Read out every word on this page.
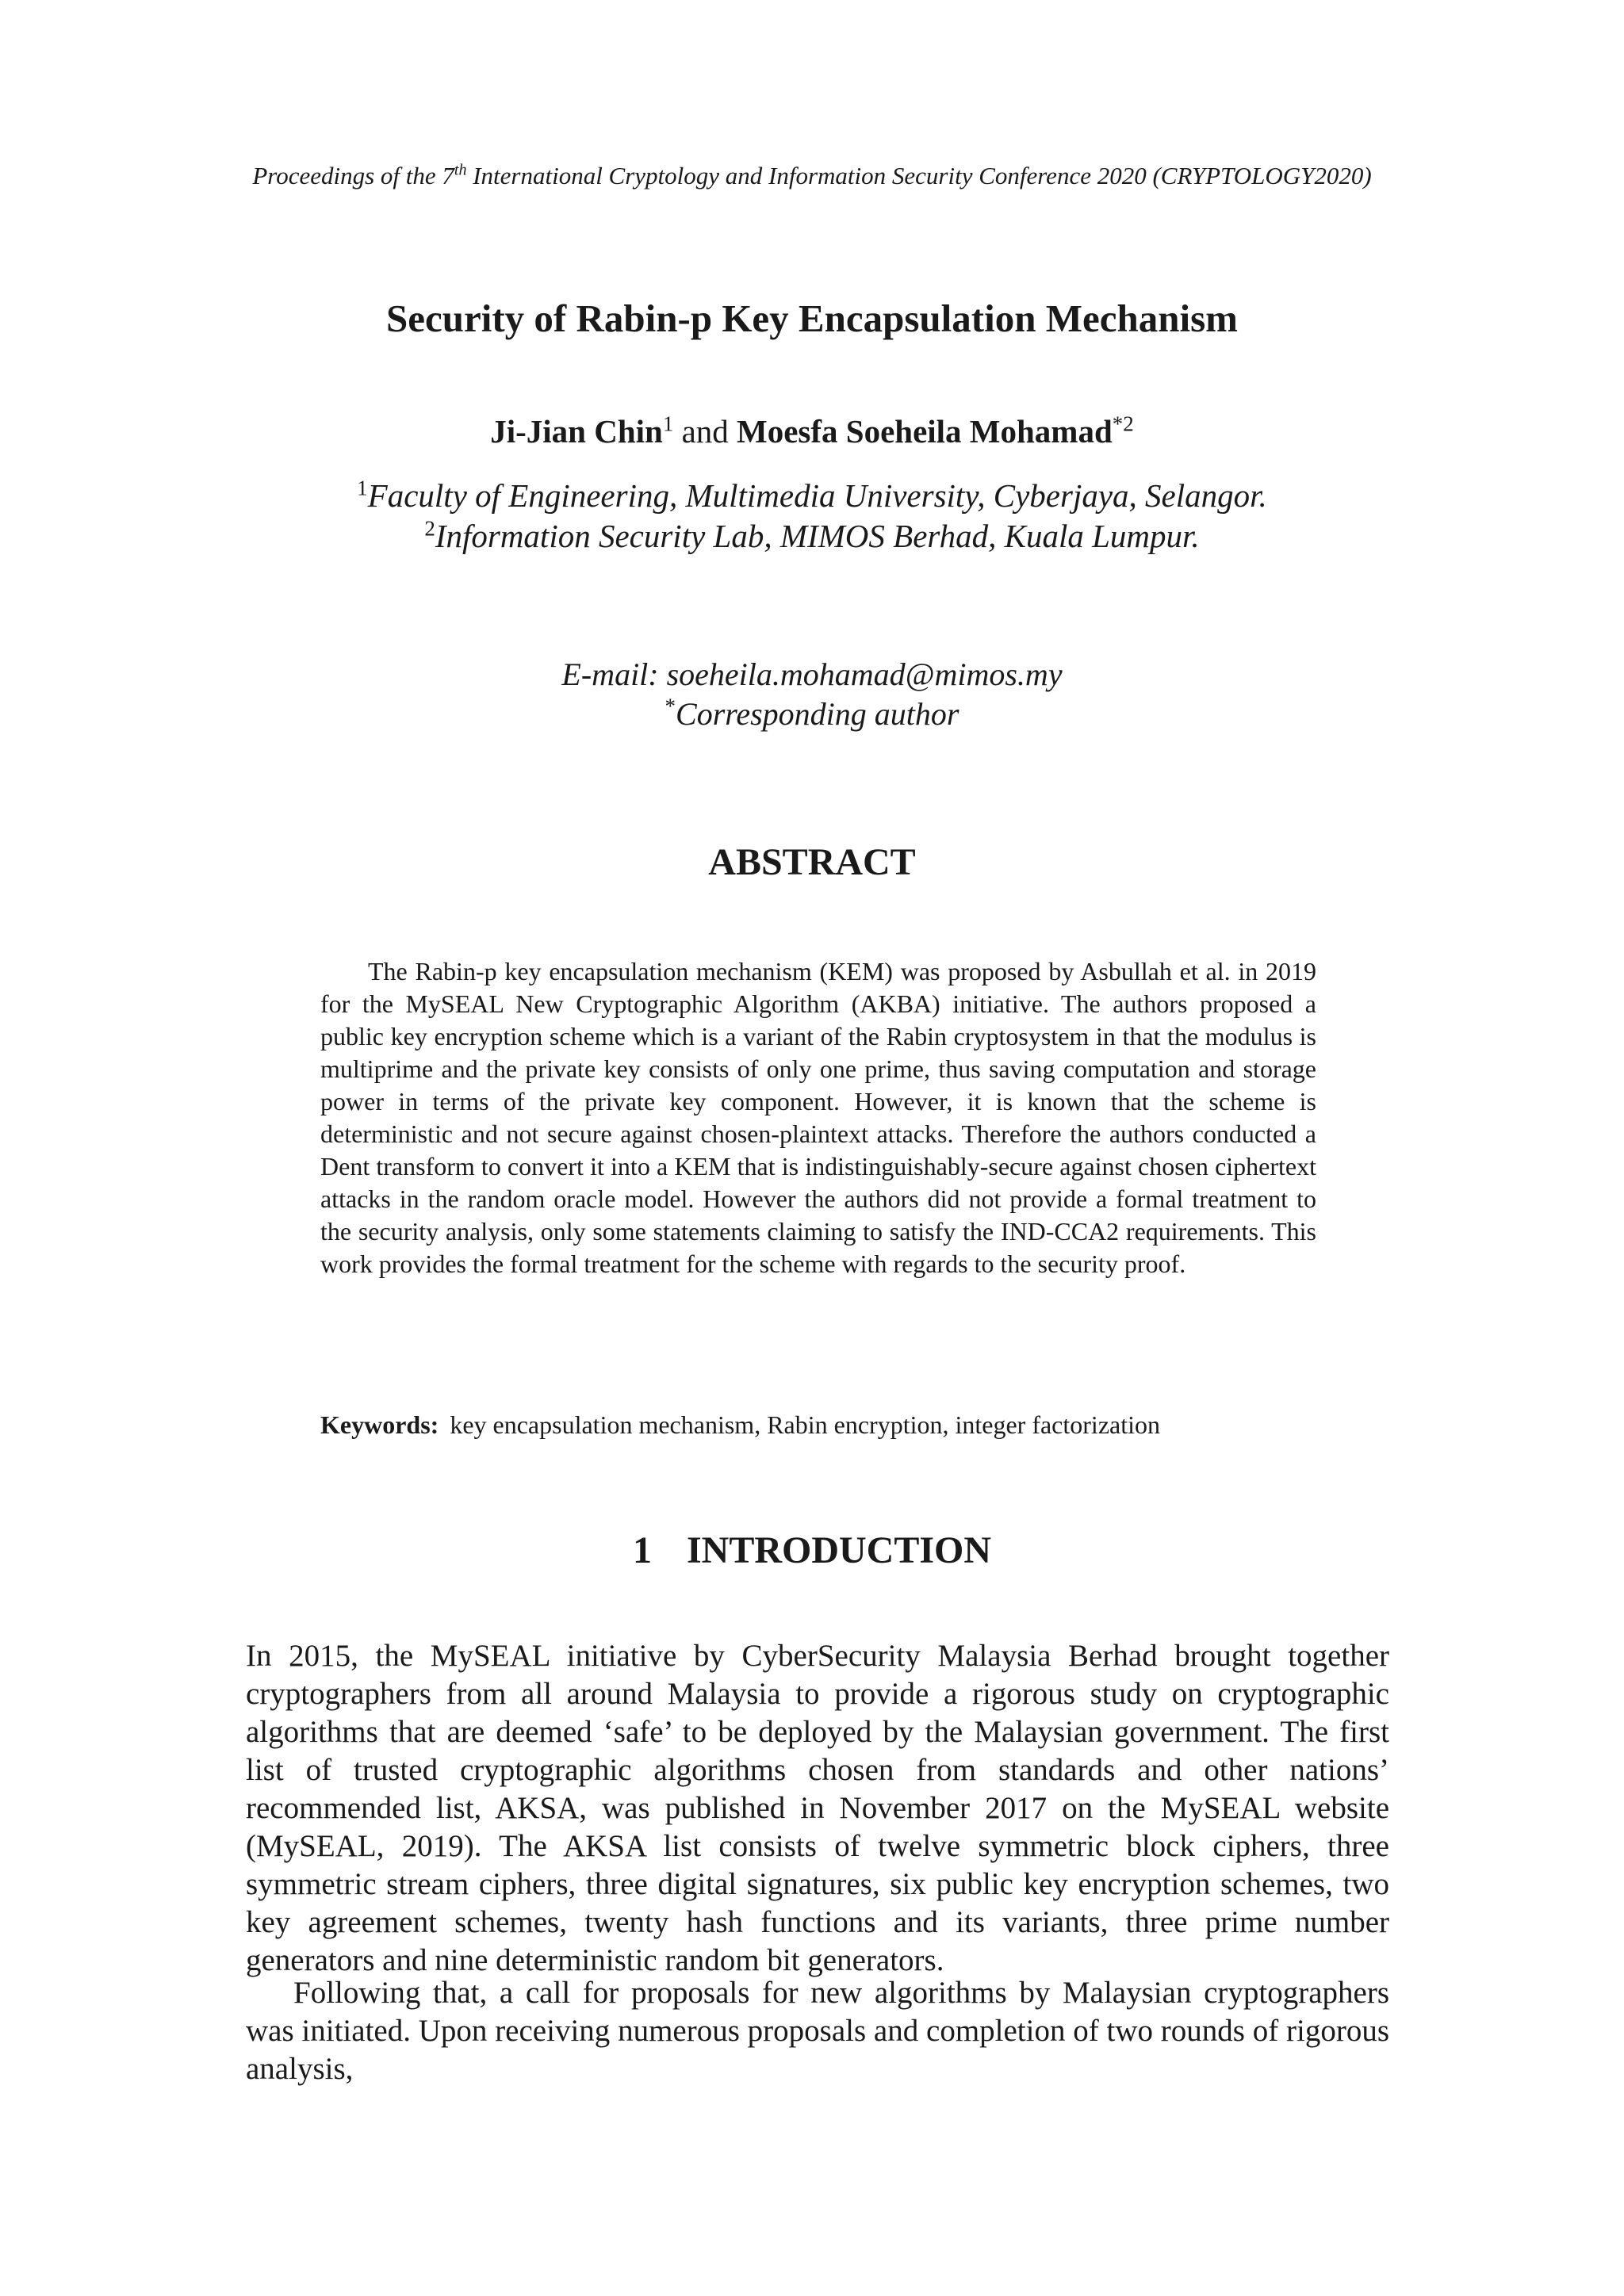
Proceedings of the 7th International Cryptology and Information Security Conference 2020 (CRYPTOLOGY2020)
Security of Rabin-p Key Encapsulation Mechanism
Ji-Jian Chin$^1$ and Moesfa Soeheila Mohamad$^{*2}$
$^1$Faculty of Engineering, Multimedia University, Cyberjaya, Selangor.
$^2$Information Security Lab, MIMOS Berhad, Kuala Lumpur.
E-mail: soeheila.mohamad@mimos.my
*Corresponding author
ABSTRACT

The Rabin-p key encapsulation mechanism (KEM) was proposed by Asbullah et al. in 2019 for the MySEAL New Cryptographic Algorithm (AKBA) initiative. The authors proposed a public key encryption scheme which is a variant of the Rabin cryptosystem in that the modulus is multiprime and the private key consists of only one prime, thus saving computation and storage power in terms of the private key component. However, it is known that the scheme is deterministic and not secure against chosen-plaintext attacks. Therefore the authors conducted a Dent transform to convert it into a KEM that is indistinguishably-secure against chosen ciphertext attacks in the random oracle model. However the authors did not provide a formal treatment to the security analysis, only some statements claiming to satisfy the IND-CCA2 requirements. This work provides the formal treatment for the scheme with regards to the security proof.

Keywords: key encapsulation mechanism, Rabin encryption, integer factorization
1 INTRODUCTION

In 2015, the MySEAL initiative by CyberSecurity Malaysia Berhad brought together cryptographers from all around Malaysia to provide a rigorous study on cryptographic algorithms that are deemed ‘safe’ to be deployed by the Malaysian government. The first list of trusted cryptographic algorithms chosen from standards and other nations’ recommended list, AKSA, was published in November 2017 on the MySEAL website (MySEAL, 2019). The AKSA list consists of twelve symmetric block ciphers, three symmetric stream ciphers, three digital signatures, six public key encryption schemes, two key agreement schemes, twenty hash functions and its variants, three prime number generators and nine deterministic random bit generators.

Following that, a call for proposals for new algorithms by Malaysian cryptographers was initiated. Upon receiving numerous proposals and completion of two rounds of rigorous analysis,
